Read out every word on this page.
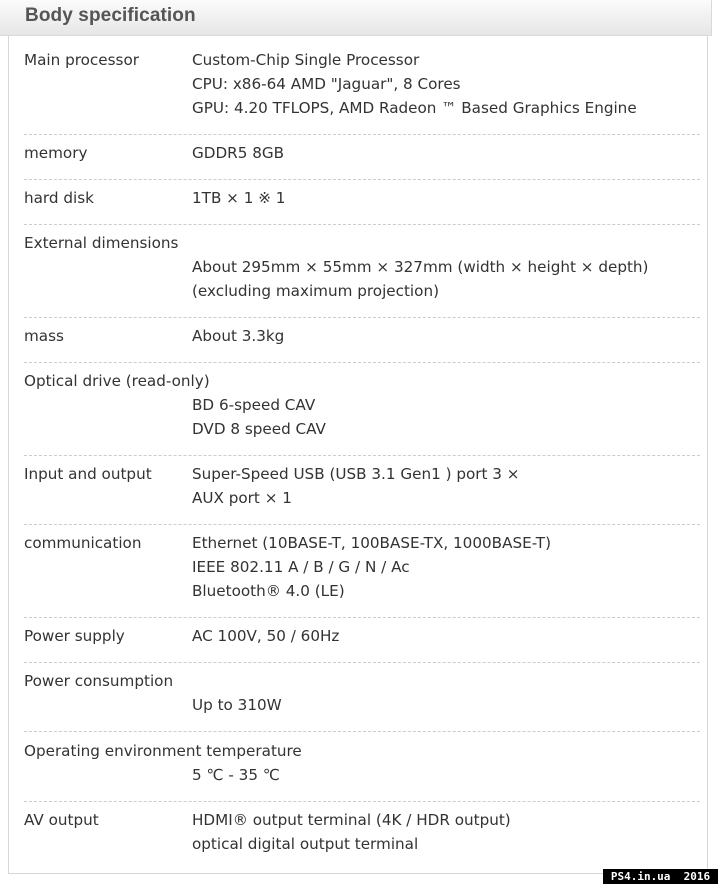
Body specification
Main processor	Custom-Chip Single Processor
CPU: x86-64 AMD "Jaguar", 8 Cores
GPU: 4.20 TFLOPS, AMD Radeon ™ Based Graphics Engine
memory	GDDR5 8GB
hard disk	1TB × 1 ※ 1
External dimensions
About 295mm × 55mm × 327mm (width × height × depth)
(excluding maximum projection)
mass	About 3.3kg
Optical drive (read-only)
BD 6-speed CAV
DVD 8 speed CAV
Input and output	Super-Speed USB (USB 3.1 Gen1 ) port 3 ×
AUX port × 1
communication	Ethernet (10BASE-T, 100BASE-TX, 1000BASE-T)
IEEE 802.11 A / B / G / N / Ac
Bluetooth® 4.0 (LE)
Power supply	AC 100V, 50 / 60Hz
Power consumption
Up to 310W
Operating environment temperature
5 ℃ - 35 ℃
AV output	HDMI® output terminal (4K / HDR output)
optical digital output terminal
PS4.in.ua  2016
